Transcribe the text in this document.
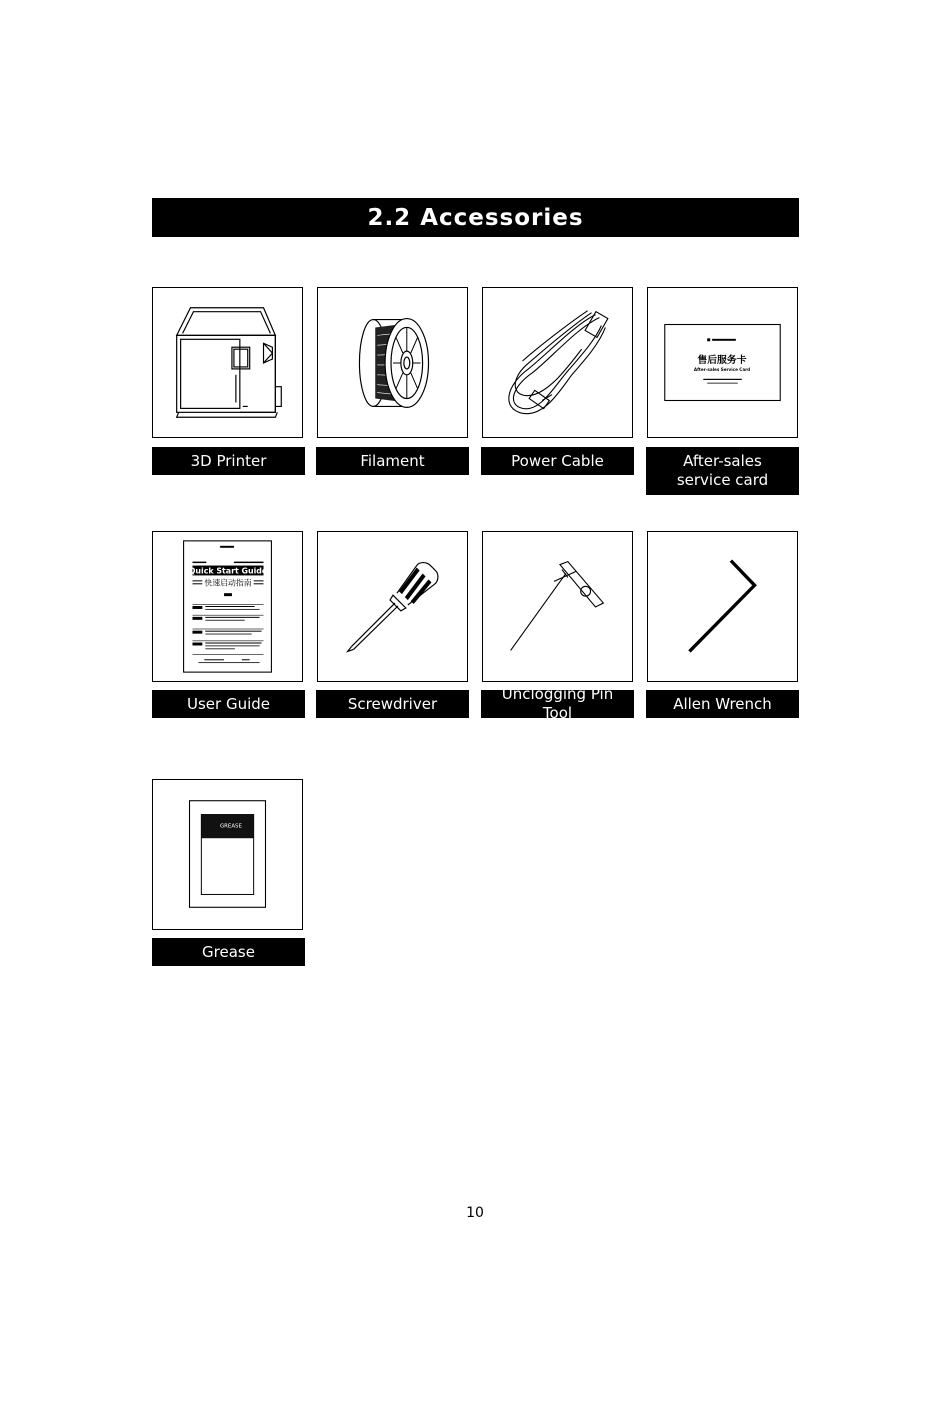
2.2 Accessories
售后服务卡
After-sales Service Card
3D Printer	Filament	Power Cable	After-sales
service card
Quick Start Guide
快速启动指南
User Guide	Screwdriver
Unclogging Pin Tool
Allen Wrench
GREASE
Grease
10
